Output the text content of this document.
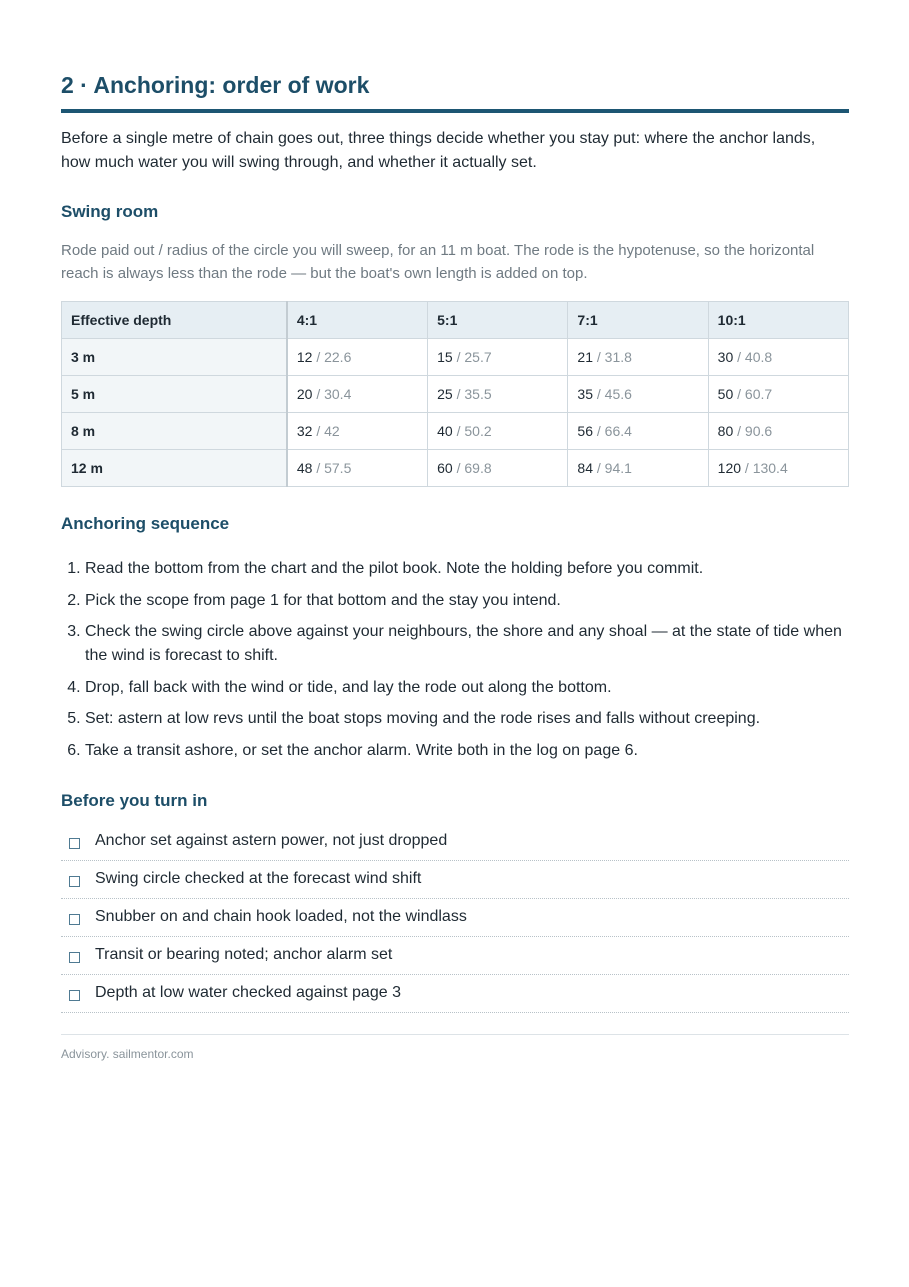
2 · Anchoring: order of work

Before a single metre of chain goes out, three things decide whether you stay put: where the anchor lands, how much water you will swing through, and whether it actually set.

Swing room

Rode paid out / radius of the circle you will sweep, for an 11 m boat. The rode is the hypotenuse, so the horizontal reach is always less than the rode — but the boat's own length is added on top.

Effective depth	4:1	5:1	7:1	10:1
3 m	12 / 22.6	15 / 25.7	21 / 31.8	30 / 40.8
5 m	20 / 30.4	25 / 35.5	35 / 45.6	50 / 60.7
8 m	32 / 42	40 / 50.2	56 / 66.4	80 / 90.6
12 m	48 / 57.5	60 / 69.8	84 / 94.1	120 / 130.4
Anchoring sequence
1. Read the bottom from the chart and the pilot book. Note the holding before you commit.
2. Pick the scope from page 1 for that bottom and the stay you intend.
3. Check the swing circle above against your neighbours, the shore and any shoal — at the state of tide when the wind is forecast to shift.
4. Drop, fall back with the wind or tide, and lay the rode out along the bottom.
5. Set: astern at low revs until the boat stops moving and the rode rises and falls without creeping.
6. Take a transit ashore, or set the anchor alarm. Write both in the log on page 6.
Before you turn in
Anchor set against astern power, not just dropped
Swing circle checked at the forecast wind shift
Snubber on and chain hook loaded, not the windlass
Transit or bearing noted; anchor alarm set
Depth at low water checked against page 3
Advisory. sailmentor.com
